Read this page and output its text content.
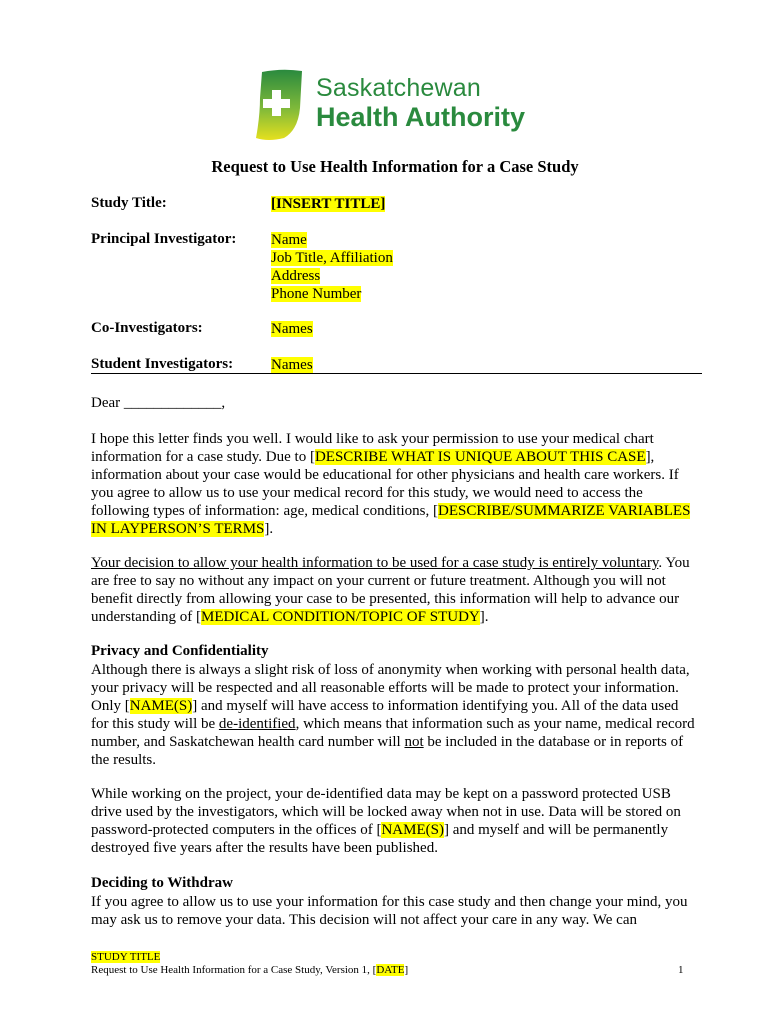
Saskatchewan
Health Authority
Request to Use Health Information for a Case Study
Study Title:	[INSERT TITLE]
Principal Investigator: Name
Job Title, Affiliation
Address
Phone Number
Co-Investigators:	Names
Student Investigators:	Names
Dear _____________,
I hope this letter finds you well. I would like to ask your permission to use your medical chart
information for a case study. Due to [DESCRIBE WHAT IS UNIQUE ABOUT THIS CASE],
information about your case would be educational for other physicians and health care workers. If
you agree to allow us to use your medical record for this study, we would need to access the
following types of information: age, medical conditions, [DESCRIBE/SUMMARIZE VARIABLES
IN LAYPERSON’S TERMS].
Your decision to allow your health information to be used for a case study is entirely voluntary. You
are free to say no without any impact on your current or future treatment. Although you will not
benefit directly from allowing your case to be presented, this information will help to advance our
understanding of [MEDICAL CONDITION/TOPIC OF STUDY].
Privacy and Confidentiality
Although there is always a slight risk of loss of anonymity when working with personal health data,
your privacy will be respected and all reasonable efforts will be made to protect your information.
Only [NAME(S)] and myself will have access to information identifying you. All of the data used
for this study will be de-identified, which means that information such as your name, medical record
number, and Saskatchewan health card number will not be included in the database or in reports of
the results.
While working on the project, your de-identified data may be kept on a password protected USB
drive used by the investigators, which will be locked away when not in use. Data will be stored on
password-protected computers in the offices of [NAME(S)] and myself and will be permanently
destroyed five years after the results have been published.
Deciding to Withdraw
If you agree to allow us to use your information for this case study and then change your mind, you
may ask us to remove your data. This decision will not affect your care in any way. We can
STUDY TITLE
Request to Use Health Information for a Case Study, Version 1, [DATE]	1
